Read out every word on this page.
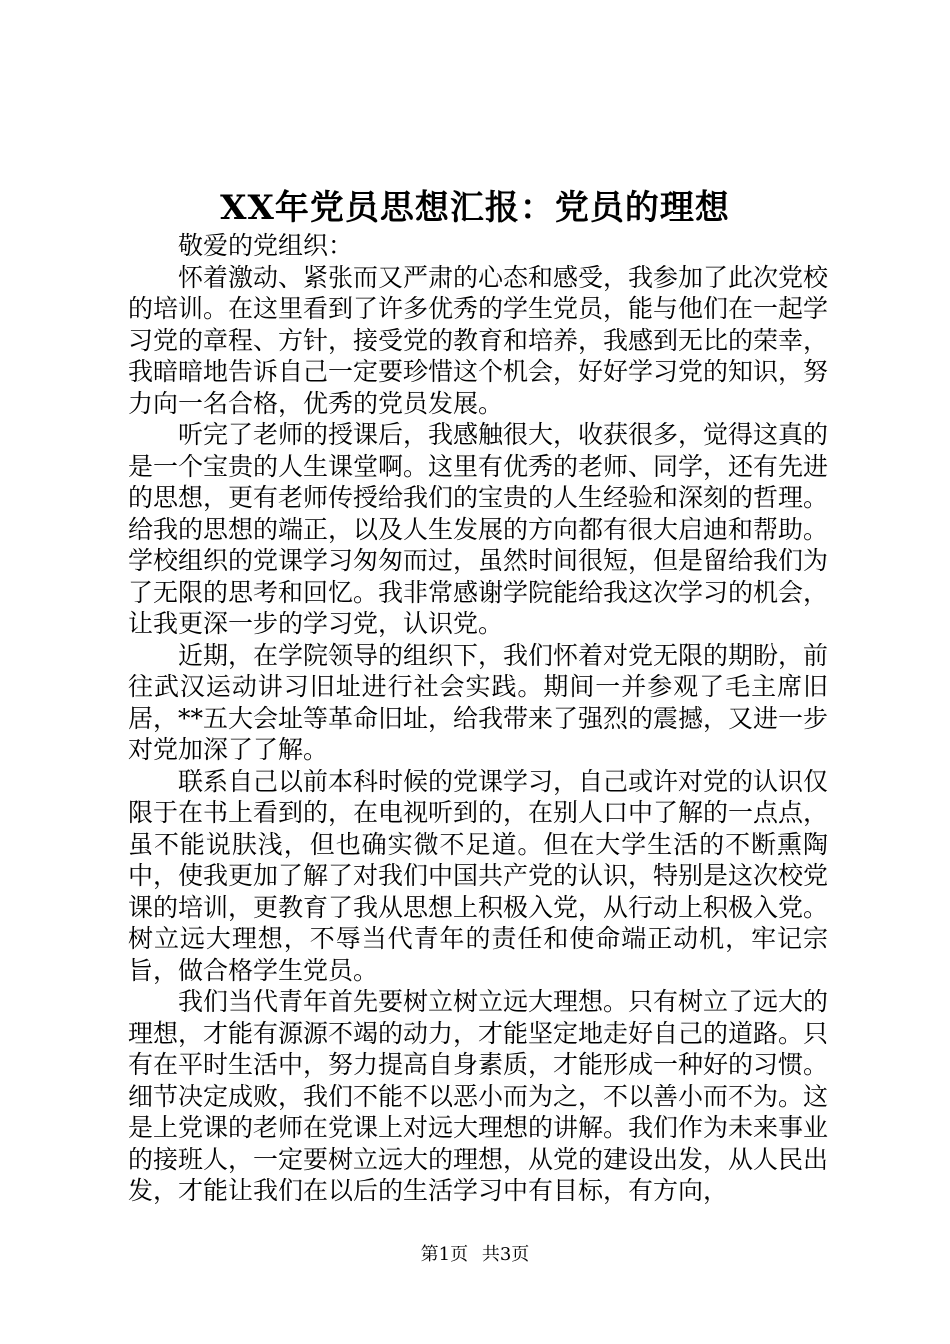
XX年党员思想汇报：党员的理想

敬爱的党组织：

怀着激动、紧张而又严肃的心态和感受，我参加了此次党校的培训。在这里看到了许多优秀的学生党员，能与他们在一起学习党的章程、方针，接受党的教育和培养，我感到无比的荣幸，我暗暗地告诉自己一定要珍惜这个机会，好好学习党的知识，努力向一名合格，优秀的党员发展。

听完了老师的授课后，我感触很大，收获很多，觉得这真的是一个宝贵的人生课堂啊。这里有优秀的老师、同学，还有先进的思想，更有老师传授给我们的宝贵的人生经验和深刻的哲理。给我的思想的端正，以及人生发展的方向都有很大启迪和帮助。学校组织的党课学习匆匆而过，虽然时间很短，但是留给我们为了无限的思考和回忆。我非常感谢学院能给我这次学习的机会，让我更深一步的学习党，认识党。

近期，在学院领导的组织下，我们怀着对党无限的期盼，前往武汉运动讲习旧址进行社会实践。期间一并参观了毛主席旧居，**五大会址等革命旧址，给我带来了强烈的震撼，又进一步对党加深了了解。

联系自己以前本科时候的党课学习，自己或许对党的认识仅限于在书上看到的，在电视听到的，在别人口中了解的一点点，虽不能说肤浅，但也确实微不足道。但在大学生活的不断熏陶中，使我更加了解了对我们中国共产党的认识，特别是这次校党课的培训，更教育了我从思想上积极入党，从行动上积极入党。树立远大理想，不辱当代青年的责任和使命端正动机，牢记宗旨，做合格学生党员。

我们当代青年首先要树立树立远大理想。只有树立了远大的理想，才能有源源不竭的动力，才能坚定地走好自己的道路。只有在平时生活中，努力提高自身素质，才能形成一种好的习惯。细节决定成败，我们不能不以恶小而为之，不以善小而不为。这是上党课的老师在党课上对远大理想的讲解。我们作为未来事业的接班人，一定要树立远大的理想，从党的建设出发，从人民出发，才能让我们在以后的生活学习中有目标，有方向，

第1页 共3页
